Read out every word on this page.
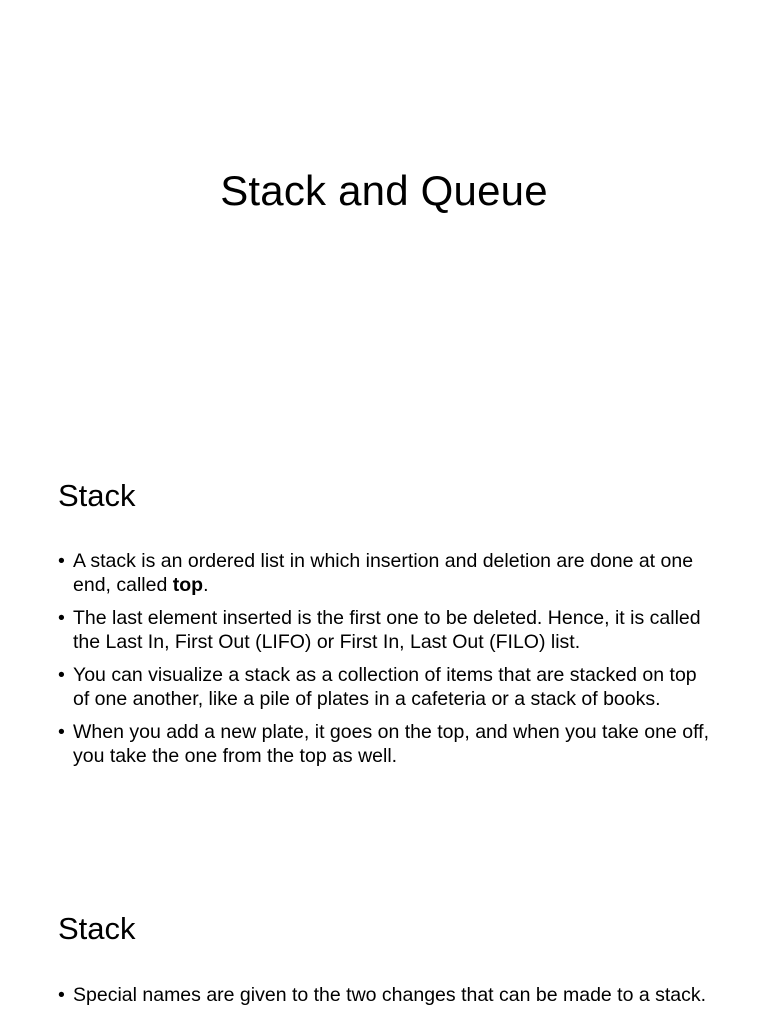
Stack and Queue
Stack
• A stack is an ordered list in which insertion and deletion are done at one end, called top.
• The last element inserted is the first one to be deleted. Hence, it is called the Last In, First Out (LIFO) or First In, Last Out (FILO) list.
• You can visualize a stack as a collection of items that are stacked on top of one another, like a pile of plates in a cafeteria or a stack of books.
• When you add a new plate, it goes on the top, and when you take one off, you take the one from the top as well.
Stack
• Special names are given to the two changes that can be made to a stack.
